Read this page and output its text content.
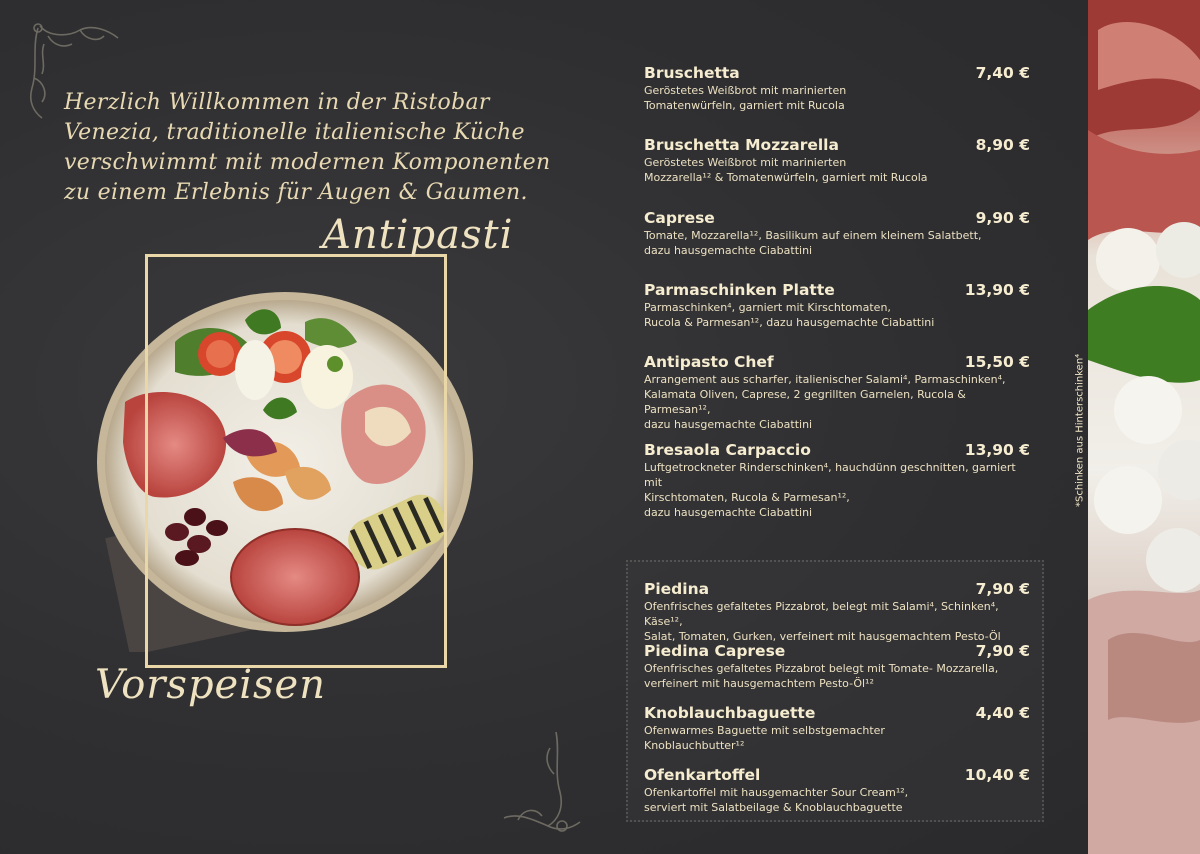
Herzlich Willkommen in der Ristobar Venezia, traditionelle italienische Küche verschwimmt mit modernen Komponenten zu einem Erlebnis für Augen & Gaumen.
Antipasti
Vorspeisen
*Schinken aus Hinterschinken⁴
Bruschetta	7,40 €
Geröstetes Weißbrot mit marinierten
Tomatenwürfeln, garniert mit Rucola
Bruschetta Mozzarella	8,90 €
Geröstetes Weißbrot mit marinierten
Mozzarella¹² & Tomatenwürfeln, garniert mit Rucola
Caprese	9,90 €
Tomate, Mozzarella¹², Basilikum auf einem kleinem Salatbett,
dazu hausgemachte Ciabattini
Parmaschinken Platte	13,90 €
Parmaschinken⁴, garniert mit Kirschtomaten,
Rucola & Parmesan¹², dazu hausgemachte Ciabattini
Antipasto Chef	15,50 €
Arrangement aus scharfer, italienischer Salami⁴, Parmaschinken⁴,
Kalamata Oliven, Caprese, 2 gegrillten Garnelen, Rucola & Parmesan¹²,
dazu hausgemachte Ciabattini
Bresaola Carpaccio	13,90 €
Luftgetrockneter Rinderschinken⁴, hauchdünn geschnitten, garniert mit
Kirschtomaten, Rucola & Parmesan¹²,
dazu hausgemachte Ciabattini
Piedina	7,90 €
Ofenfrisches gefaltetes Pizzabrot, belegt mit Salami⁴, Schinken⁴, Käse¹²,
Salat, Tomaten, Gurken, verfeinert mit hausgemachtem Pesto-Öl
Piedina Caprese	7,90 €
Ofenfrisches gefaltetes Pizzabrot belegt mit Tomate- Mozzarella,
verfeinert mit hausgemachtem Pesto-Öl¹²
Knoblauchbaguette	4,40 €
Ofenwarmes Baguette mit selbstgemachter
Knoblauchbutter¹²
Ofenkartoffel	10,40 €
Ofenkartoffel mit hausgemachter Sour Cream¹²,
serviert mit Salatbeilage & Knoblauchbaguette
